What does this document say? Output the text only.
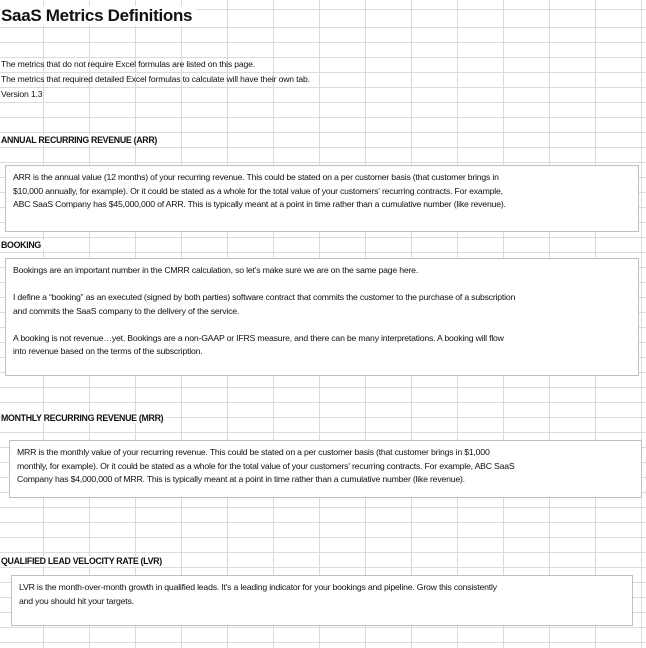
SaaS Metrics Definitions
The metrics that do not require Excel formulas are listed on this page.
The metrics that required detailed Excel formulas to calculate will have their own tab.
Version 1.3
ANNUAL RECURRING REVENUE (ARR)
ARR is the annual value (12 months) of your recurring revenue. This could be stated on a per customer basis (that customer brings in
$10,000 annually, for example). Or it could be stated as a whole for the total value of your customers' recurring contracts. For example,
ABC SaaS Company has $45,000,000 of ARR. This is typically meant at a point in time rather than a cumulative number (like revenue).
BOOKING
Bookings are an important number in the CMRR calculation, so let’s make sure we are on the same page here.
I define a “booking” as an executed (signed by both parties) software contract that commits the customer to the purchase of a subscription
and commits the SaaS company to the delivery of the service.
A booking is not revenue…yet. Bookings are a non-GAAP or IFRS measure, and there can be many interpretations. A booking will flow
into revenue based on the terms of the subscription.
MONTHLY RECURRING REVENUE (MRR)
MRR is the monthly value of your recurring revenue. This could be stated on a per customer basis (that customer brings in $1,000
monthly, for example). Or it could be stated as a whole for the total value of your customers' recurring contracts. For example, ABC SaaS
Company has $4,000,000 of MRR. This is typically meant at a point in time rather than a cumulative number (like revenue).
QUALIFIED LEAD VELOCITY RATE (LVR)
LVR is the month-over-month growth in qualified leads. It's a leading indicator for your bookings and pipeline. Grow this consistently
and you should hit your targets.
